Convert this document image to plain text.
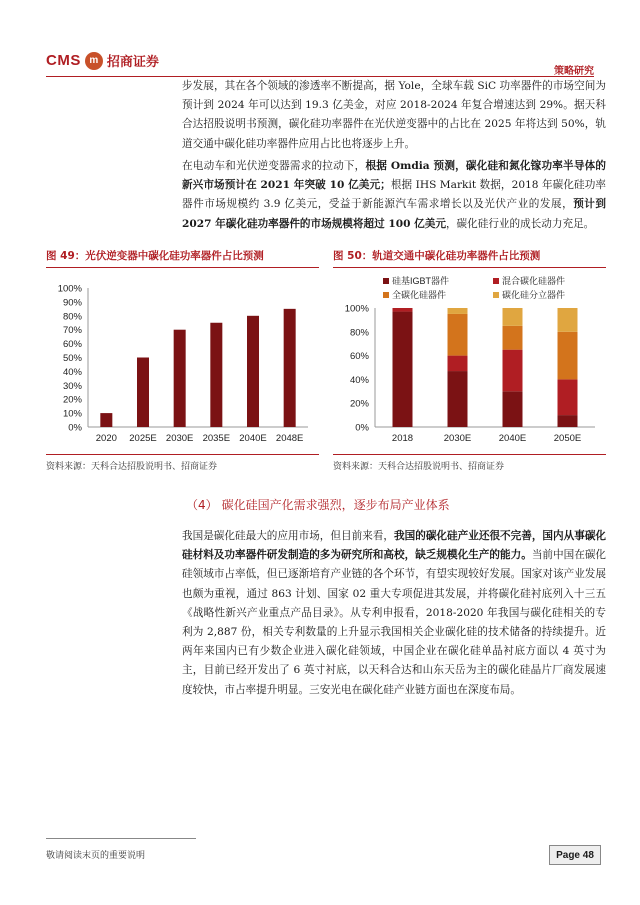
CMS m 招商证券
策略研究

步发展，其在各个领域的渗透率不断提高，据 Yole，全球车载 SiC 功率器件的市场空间为预计到 2024 年可以达到 19.3 亿美金，对应 2018-2024 年复合增速达到 29%。据天科合达招股说明书预测，碳化硅功率器件在光伏逆变器中的占比在 2025 年将达到 50%，轨道交通中碳化硅功率器件应用占比也将逐步上升。

在电动车和光伏逆变器需求的拉动下，根据 Omdia 预测，碳化硅和氮化镓功率半导体的新兴市场预计在 2021 年突破 10 亿美元；根据 IHS Markit 数据，2018 年碳化硅功率器件市场规模约 3.9 亿美元，受益于新能源汽车需求增长以及光伏产业的发展，预计到 2027 年碳化硅功率器件的市场规模将超过 100 亿美元，碳化硅行业的成长动力充足。

图 49：光伏逆变器中碳化硅功率器件占比预测
0%
10%
20%
30%
40%
50%
60%
70%
80%
90%
100%
2020 2025E 2030E 2035E 2040E 2048E
资料来源：天科合达招股说明书、招商证券
图 50：轨道交通中碳化硅功率器件占比预测
0%
20%
40%
60%
80%
100%
硅基IGBT器件	混合碳化硅器件
全碳化硅器件	碳化硅分立器件
2018	2030E	2040E	2050E
资料来源：天科合达招股说明书、招商证券
（4） 碳化硅国产化需求强烈，逐步布局产业体系

我国是碳化硅最大的应用市场，但目前来看，我国的碳化硅产业还很不完善，国内从事碳化硅材料及功率器件研发制造的多为研究所和高校，缺乏规模化生产的能力。当前中国在碳化硅领域市占率低，但已逐渐培育产业链的各个环节，有望实现较好发展。国家对该产业发展也颇为重视，通过 863 计划、国家 02 重大专项促进其发展，并将碳化硅衬底列入十三五《战略性新兴产业重点产品目录》。从专利申报看，2018-2020 年我国与碳化硅相关的专利为 2,887 份，相关专利数量的上升显示我国相关企业碳化硅的技术储备的持续提升。近两年来国内已有少数企业进入碳化硅领域，中国企业在碳化硅单晶衬底方面以 4 英寸为主，目前已经开发出了 6 英寸衬底，以天科合达和山东天岳为主的碳化硅晶片厂商发展速度较快，市占率提升明显。三安光电在碳化硅产业链方面也在深度布局。

敬请阅读末页的重要说明	Page 48
